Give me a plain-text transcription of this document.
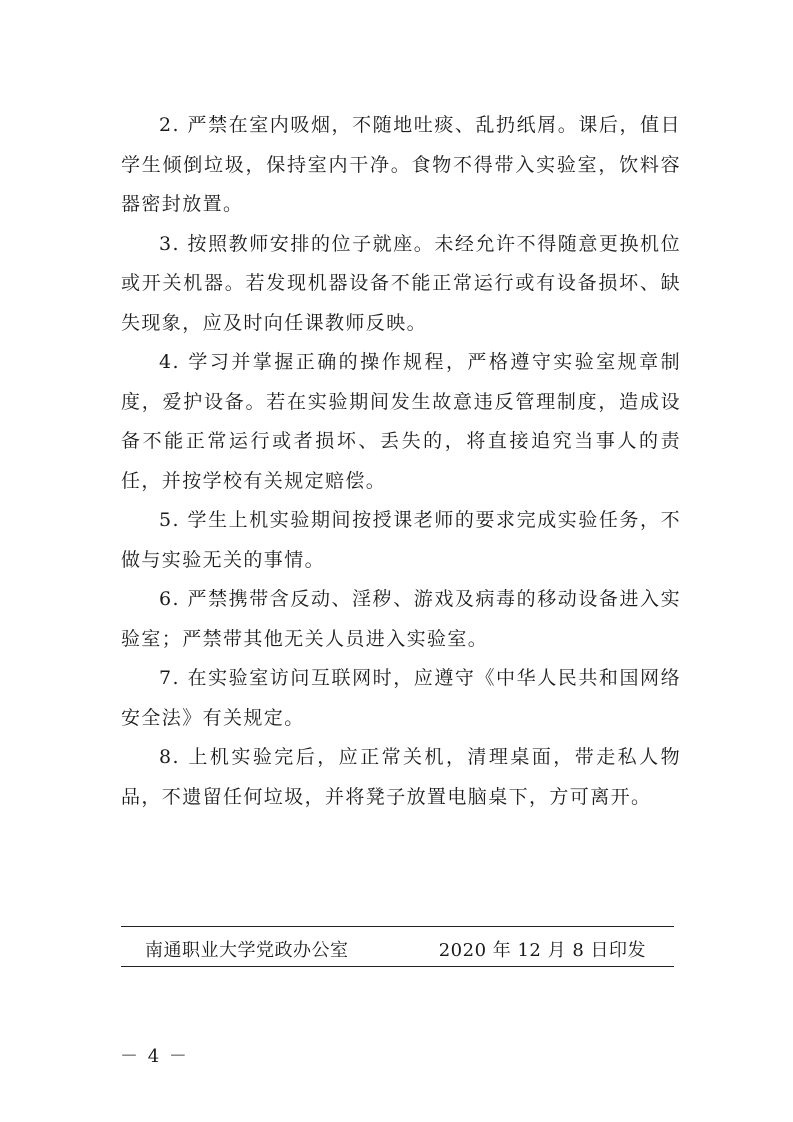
2. 严禁在室内吸烟，不随地吐痰、乱扔纸屑。课后，值日学生倾倒垃圾，保持室内干净。食物不得带入实验室，饮料容器密封放置。

3. 按照教师安排的位子就座。未经允许不得随意更换机位或开关机器。若发现机器设备不能正常运行或有设备损坏、缺失现象，应及时向任课教师反映。

4. 学习并掌握正确的操作规程，严格遵守实验室规章制度，爱护设备。若在实验期间发生故意违反管理制度，造成设备不能正常运行或者损坏、丢失的，将直接追究当事人的责任，并按学校有关规定赔偿。

5. 学生上机实验期间按授课老师的要求完成实验任务，不做与实验无关的事情。

6. 严禁携带含反动、淫秽、游戏及病毒的移动设备进入实验室；严禁带其他无关人员进入实验室。

7. 在实验室访问互联网时，应遵守《中华人民共和国网络安全法》有关规定。

8. 上机实验完后，应正常关机，清理桌面，带走私人物品，不遗留任何垃圾，并将凳子放置电脑桌下，方可离开。

南通职业大学党政办公室	2020 年 12 月 8 日印发
－ 4 －
